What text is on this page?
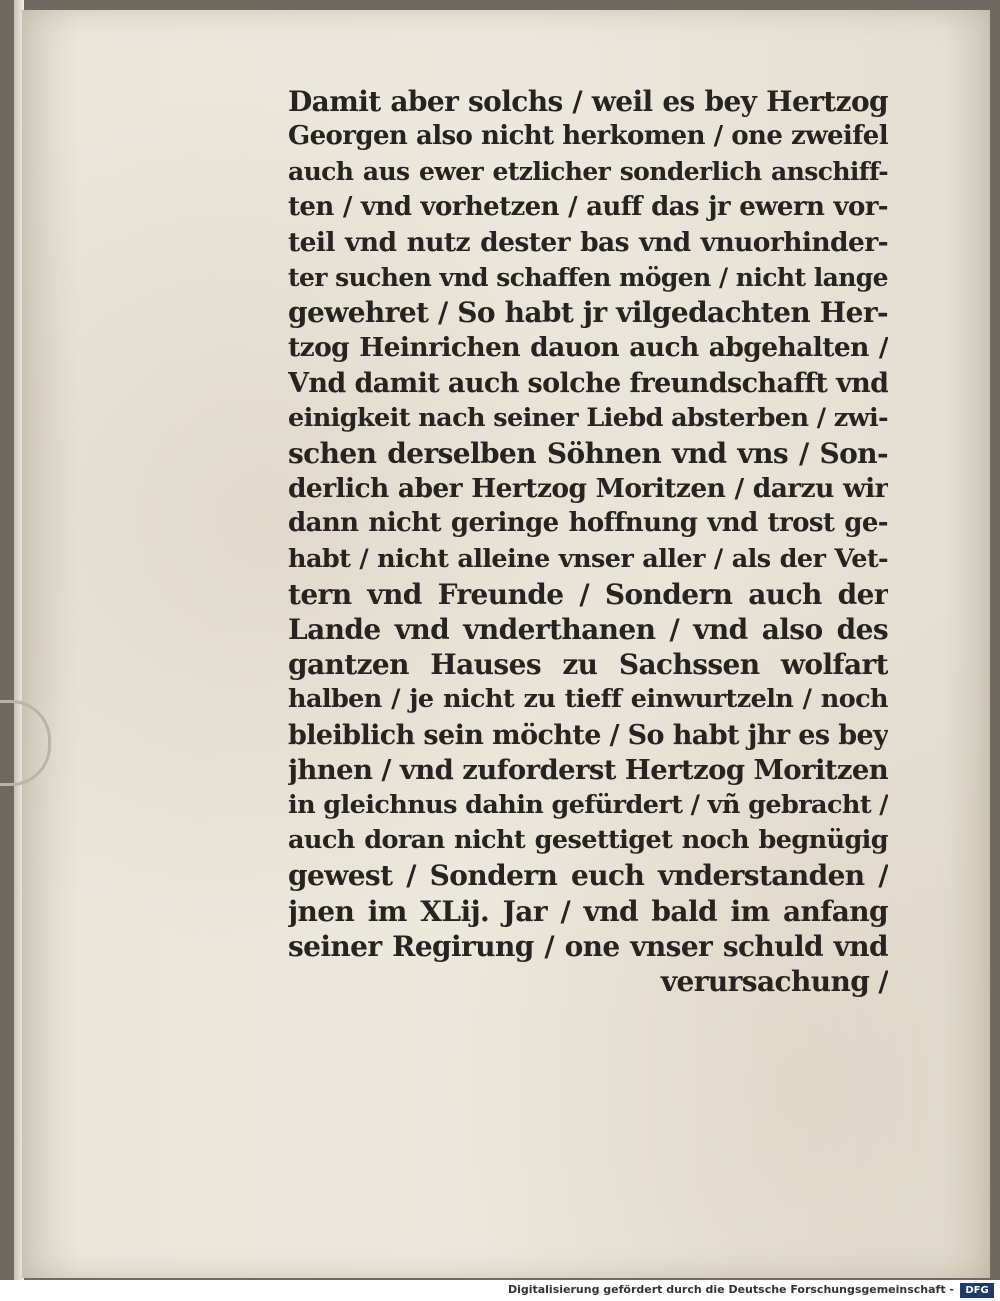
Damit aber solchs / weil es bey Hertzog
Georgen also nicht herkomen / one zweifel
auch aus ewer etzlicher sonderlich anschiff-
ten / vnd vorhetzen / auff das jr ewern vor-
teil vnd nutz dester bas vnd vnuorhinder-
ter suchen vnd schaffen mögen / nicht lange
gewehret / So habt jr vilgedachten Her-
tzog Heinrichen dauon auch abgehalten /
Vnd damit auch solche freundschafft vnd
einigkeit nach seiner Liebd absterben / zwi-
schen derselben Söhnen vnd vns / Son-
derlich aber Hertzog Moritzen / darzu wir
dann nicht geringe hoffnung vnd trost ge-
habt / nicht alleine vnser aller / als der Vet-
tern vnd Freunde / Sondern auch der
Lande vnd vnderthanen / vnd also des
gantzen Hauses zu Sachssen wolfart
halben / je nicht zu tieff einwurtzeln / noch
bleiblich sein möchte / So habt jhr es bey
jhnen / vnd zuforderst Hertzog Moritzen
in gleichnus dahin gefürdert / vñ gebracht /
auch doran nicht gesettiget noch begnügig
gewest / Sondern euch vnderstanden /
jnen im XLij. Jar / vnd bald im anfang
seiner Regirung / one vnser schuld vnd
verursachung /
Digitalisierung gefördert durch die Deutsche Forschungsgemeinschaft -	DFG
